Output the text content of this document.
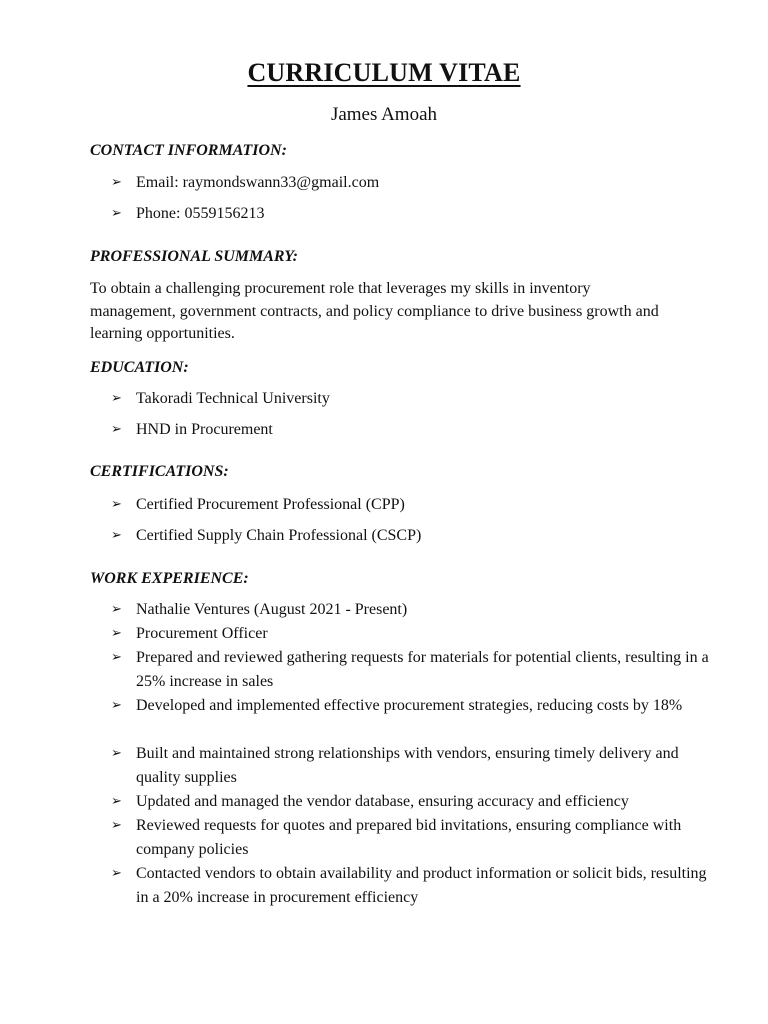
CURRICULUM VITAE

James Amoah

CONTACT INFORMATION:

➢ Email: raymondswann33@gmail.com

➢ Phone: 0559156213

PROFESSIONAL SUMMARY:

To obtain a challenging procurement role that leverages my skills in inventory management, government contracts, and policy compliance to drive business growth and learning opportunities.

EDUCATION:

➢ Takoradi Technical University

➢ HND in Procurement

CERTIFICATIONS:

➢ Certified Procurement Professional (CPP)

➢ Certified Supply Chain Professional (CSCP)

WORK EXPERIENCE:

➢ Nathalie Ventures (August 2021 - Present)

➢ Procurement Officer

➢ Prepared and reviewed gathering requests for materials for potential clients, resulting in a 25% increase in sales

➢ Developed and implemented effective procurement strategies, reducing costs by 18%

➢ Built and maintained strong relationships with vendors, ensuring timely delivery and quality supplies

➢ Updated and managed the vendor database, ensuring accuracy and efficiency

➢ Reviewed requests for quotes and prepared bid invitations, ensuring compliance with company policies

➢ Contacted vendors to obtain availability and product information or solicit bids, resulting in a 20% increase in procurement efficiency
